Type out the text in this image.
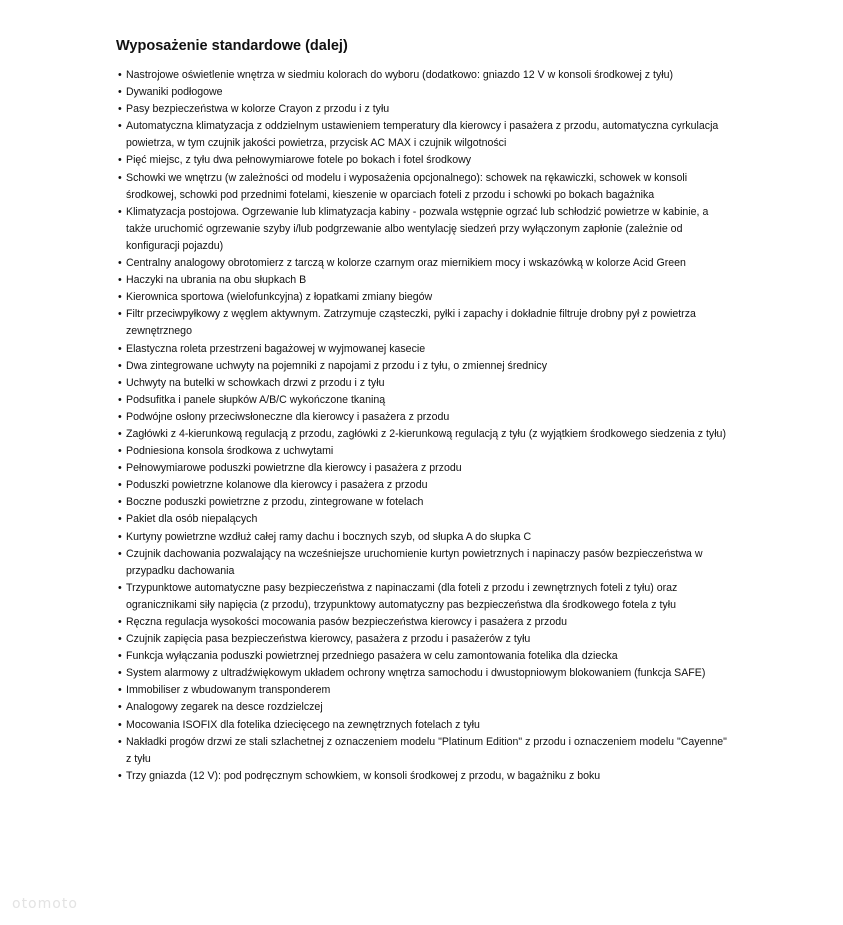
Wyposażenie standardowe (dalej)
• Nastrojowe oświetlenie wnętrza w siedmiu kolorach do wyboru (dodatkowo: gniazdo 12 V w konsoli środkowej z tyłu)
• Dywaniki podłogowe
• Pasy bezpieczeństwa w kolorze Crayon z przodu i z tyłu
• Automatyczna klimatyzacja z oddzielnym ustawieniem temperatury dla kierowcy i pasażera z przodu, automatyczna cyrkulacja powietrza, w tym czujnik jakości powietrza, przycisk AC MAX i czujnik wilgotności
• Pięć miejsc, z tyłu dwa pełnowymiarowe fotele po bokach i fotel środkowy
• Schowki we wnętrzu (w zależności od modelu i wyposażenia opcjonalnego): schowek na rękawiczki, schowek w konsoli środkowej, schowki pod przednimi fotelami, kieszenie w oparciach foteli z przodu i schowki po bokach bagażnika
• Klimatyzacja postojowa. Ogrzewanie lub klimatyzacja kabiny - pozwala wstępnie ogrzać lub schłodzić powietrze w kabinie, a także uruchomić ogrzewanie szyby i/lub podgrzewanie albo wentylację siedzeń przy wyłączonym zapłonie (zależnie od konfiguracji pojazdu)
• Centralny analogowy obrotomierz z tarczą w kolorze czarnym oraz miernikiem mocy i wskazówką w kolorze Acid Green
• Haczyki na ubrania na obu słupkach B
• Kierownica sportowa (wielofunkcyjna) z łopatkami zmiany biegów
• Filtr przeciwpyłkowy z węglem aktywnym. Zatrzymuje cząsteczki, pyłki i zapachy i dokładnie filtruje drobny pył z powietrza zewnętrznego
• Elastyczna roleta przestrzeni bagażowej w wyjmowanej kasecie
• Dwa zintegrowane uchwyty na pojemniki z napojami z przodu i z tyłu, o zmiennej średnicy
• Uchwyty na butelki w schowkach drzwi z przodu i z tyłu
• Podsufitka i panele słupków A/B/C wykończone tkaniną
• Podwójne osłony przeciwsłoneczne dla kierowcy i pasażera z przodu
• Zagłówki z 4-kierunkową regulacją z przodu, zagłówki z 2-kierunkową regulacją z tyłu (z wyjątkiem środkowego siedzenia z tyłu)
• Podniesiona konsola środkowa z uchwytami
• Pełnowymiarowe poduszki powietrzne dla kierowcy i pasażera z przodu
• Poduszki powietrzne kolanowe dla kierowcy i pasażera z przodu
• Boczne poduszki powietrzne z przodu, zintegrowane w fotelach
• Pakiet dla osób niepalących
• Kurtyny powietrzne wzdłuż całej ramy dachu i bocznych szyb, od słupka A do słupka C
• Czujnik dachowania pozwalający na wcześniejsze uruchomienie kurtyn powietrznych i napinaczy pasów bezpieczeństwa w przypadku dachowania
• Trzypunktowe automatyczne pasy bezpieczeństwa z napinaczami (dla foteli z przodu i zewnętrznych foteli z tyłu) oraz ogranicznikami siły napięcia (z przodu), trzypunktowy automatyczny pas bezpieczeństwa dla środkowego fotela z tyłu
• Ręczna regulacja wysokości mocowania pasów bezpieczeństwa kierowcy i pasażera z przodu
• Czujnik zapięcia pasa bezpieczeństwa kierowcy, pasażera z przodu i pasażerów z tyłu
• Funkcja wyłączania poduszki powietrznej przedniego pasażera w celu zamontowania fotelika dla dziecka
• System alarmowy z ultradźwiękowym układem ochrony wnętrza samochodu i dwustopniowym blokowaniem (funkcja SAFE)
• Immobiliser z wbudowanym transponderem
• Analogowy zegarek na desce rozdzielczej
• Mocowania ISOFIX dla fotelika dziecięcego na zewnętrznych fotelach z tyłu
• Nakładki progów drzwi ze stali szlachetnej z oznaczeniem modelu "Platinum Edition" z przodu i oznaczeniem modelu "Cayenne" z tyłu
• Trzy gniazda (12 V): pod podręcznym schowkiem, w konsoli środkowej z przodu, w bagażniku z boku
otomoto
